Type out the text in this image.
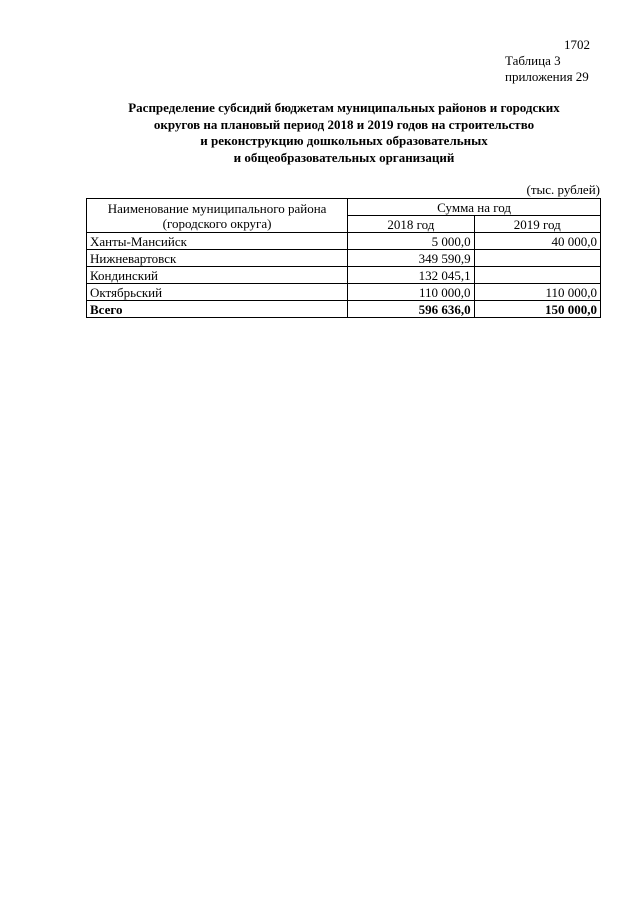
1702
Таблица 3
приложения 29
Распределение субсидий бюджетам муниципальных районов и городских
округов на плановый период 2018 и 2019 годов на строительство
и реконструкцию дошкольных образовательных
и общеобразовательных организаций
(тыс. рублей)
Наименование муниципального района
(городского округа)	Сумма на год	
	2018 год	2019 год
Ханты-Мансийск	5 000,0	40 000,0
Нижневартовск	349 590,9	
Кондинский	132 045,1	
Октябрьский	110 000,0	110 000,0
Всего	596 636,0	150 000,0
